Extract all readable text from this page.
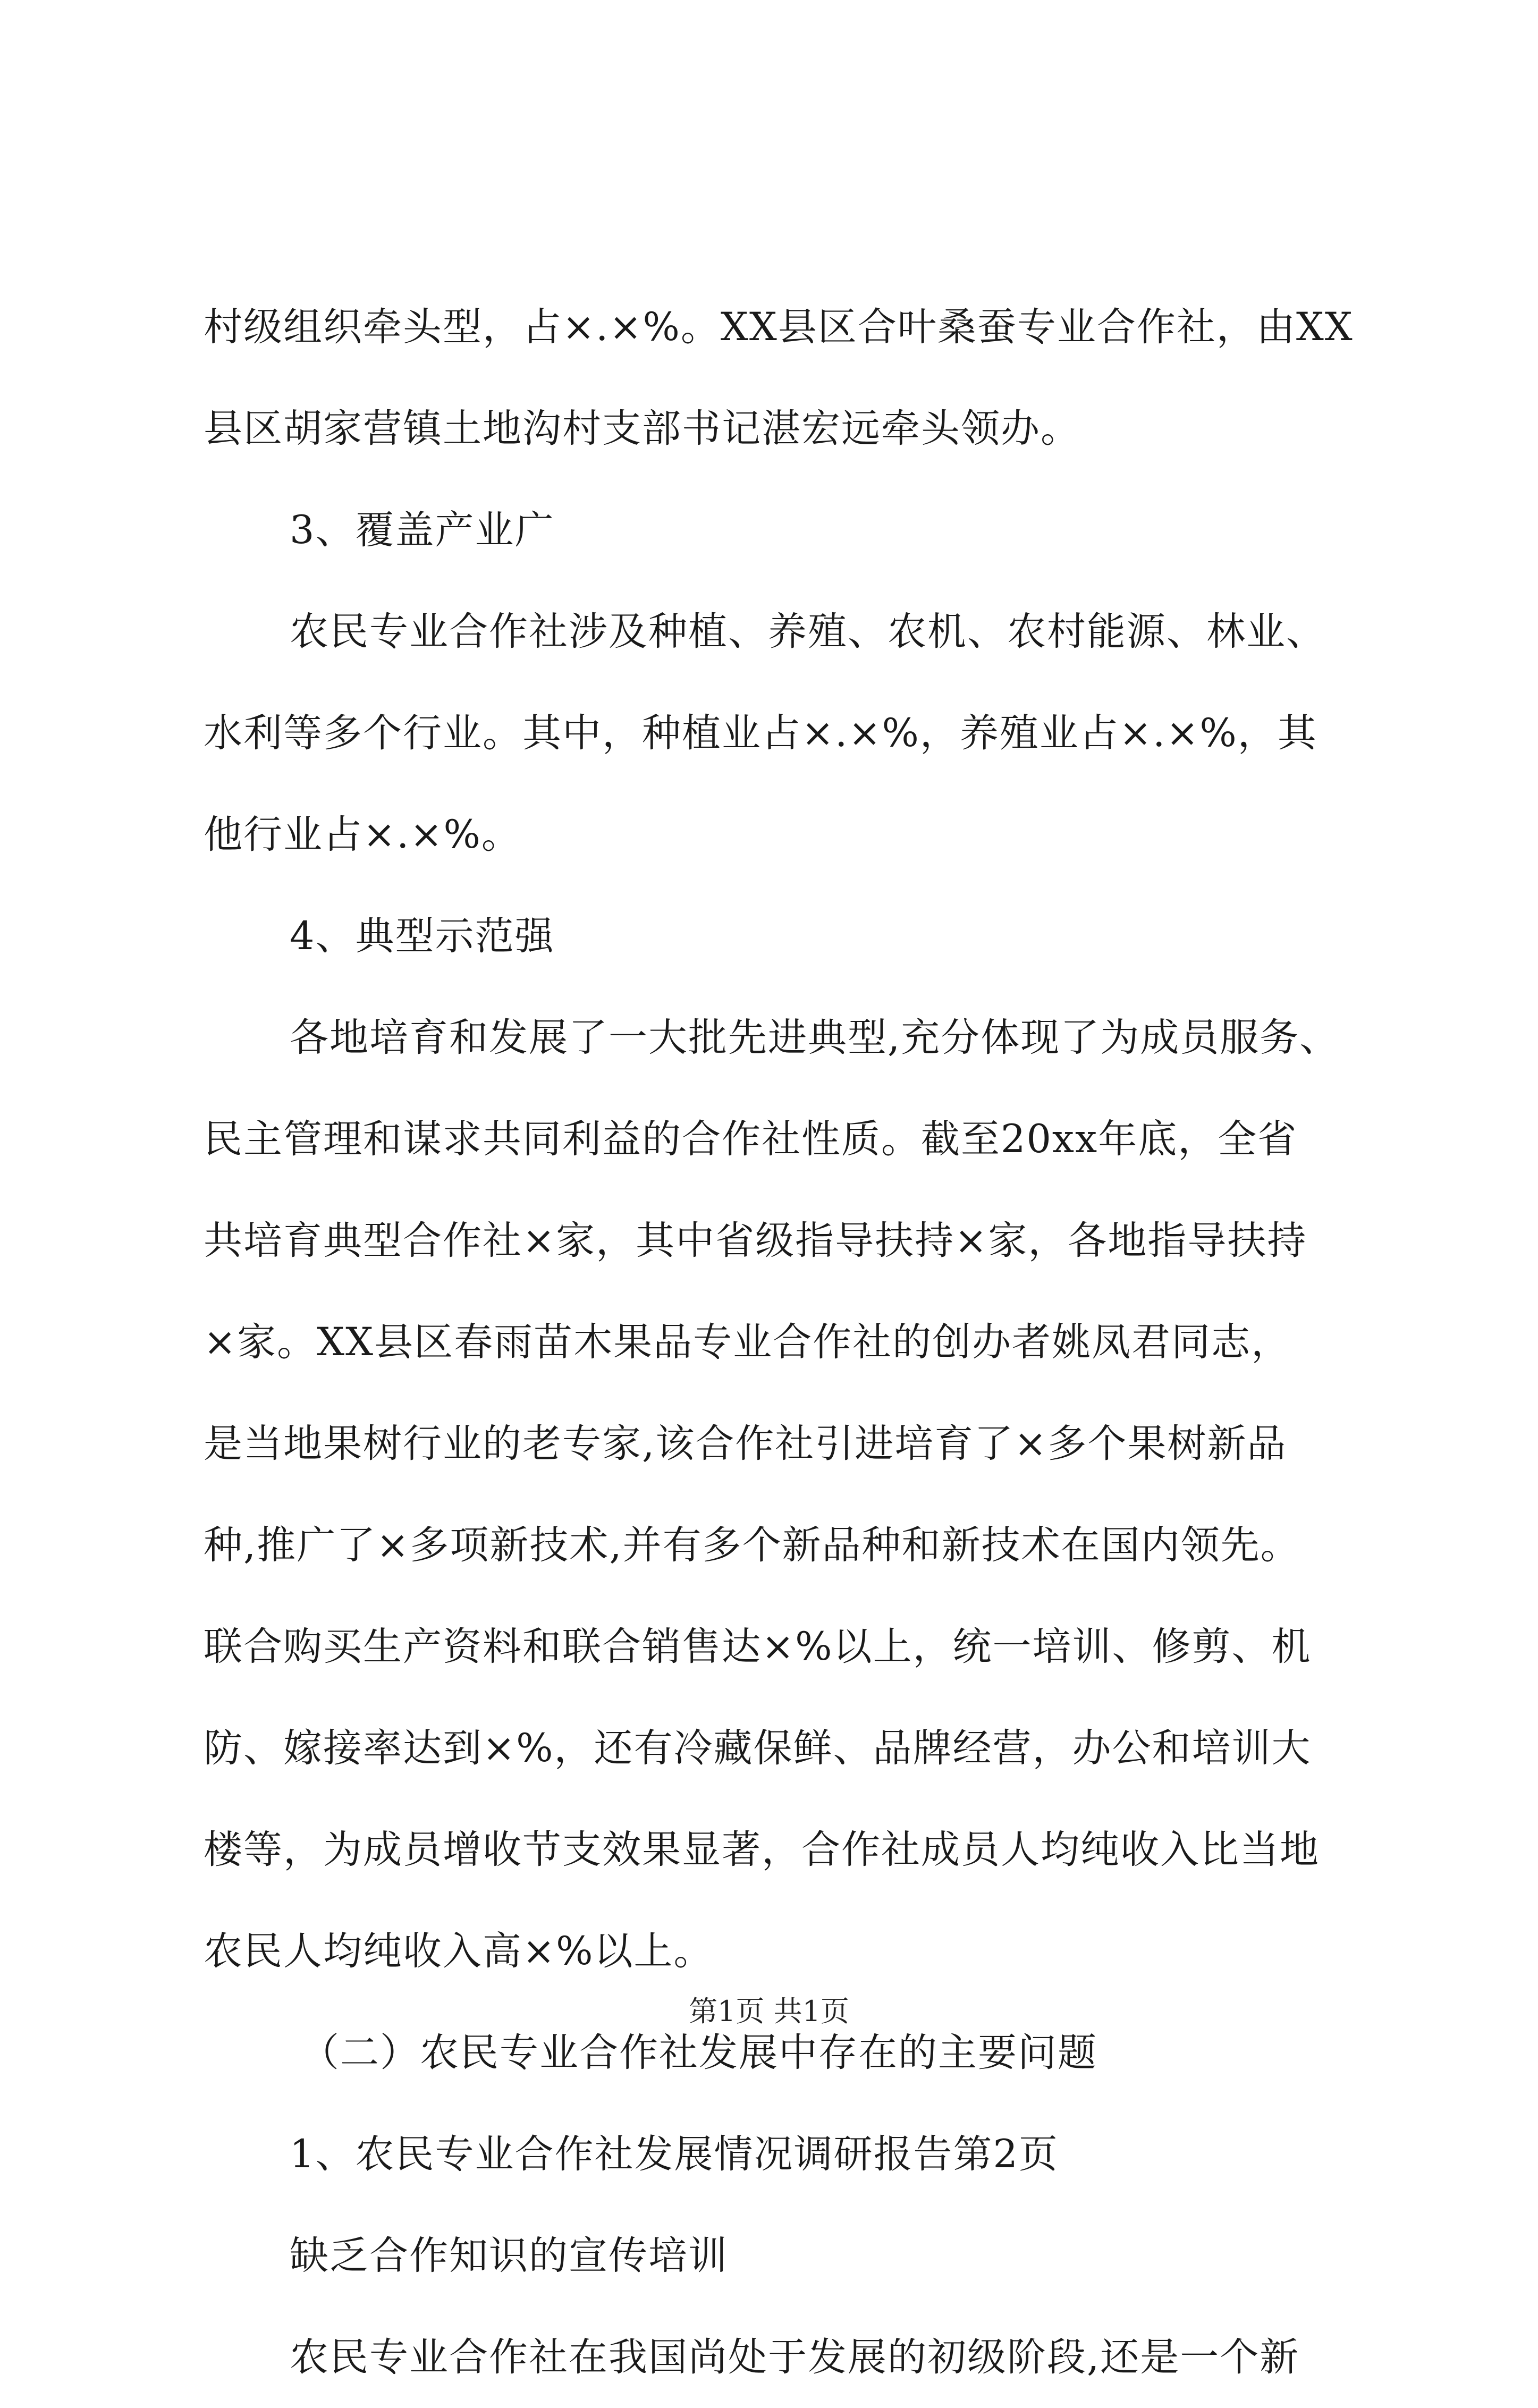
村级组织牵头型，占×.×%。XX县区合叶桑蚕专业合作社，由XX
县区胡家营镇土地沟村支部书记湛宏远牵头领办。
3、覆盖产业广
农民专业合作社涉及种植、养殖、农机、农村能源、林业、
水利等多个行业。其中，种植业占×.×%，养殖业占×.×%，其
他行业占×.×%。
4、典型示范强
各地培育和发展了一大批先进典型,充分体现了为成员服务、
民主管理和谋求共同利益的合作社性质。截至20xx年底，全省
共培育典型合作社×家，其中省级指导扶持×家，各地指导扶持
×家。XX县区春雨苗木果品专业合作社的创办者姚凤君同志，
是当地果树行业的老专家,该合作社引进培育了×多个果树新品
种,推广了×多项新技术,并有多个新品种和新技术在国内领先。
联合购买生产资料和联合销售达×%以上，统一培训、修剪、机
防、嫁接率达到×%，还有冷藏保鲜、品牌经营，办公和培训大
楼等，为成员增收节支效果显著，合作社成员人均纯收入比当地
农民人均纯收入高×%以上。
（二）农民专业合作社发展中存在的主要问题
1、农民专业合作社发展情况调研报告第2页
缺乏合作知识的宣传培训
农民专业合作社在我国尚处于发展的初级阶段,还是一个新
第1页 共1页
